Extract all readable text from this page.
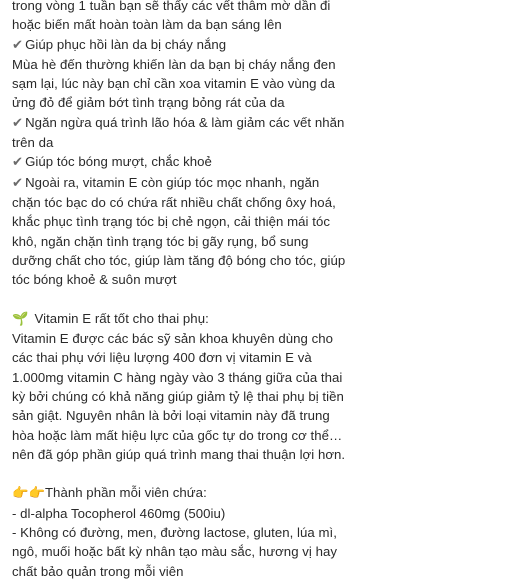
trong vòng 1 tuần bạn sẽ thấy các vết thâm mờ dần đi
hoặc biến mất hoàn toàn làm da bạn sáng lên
✔ Giúp phục hồi làn da bị cháy nắng
Mùa hè đến thường khiến làn da bạn bị cháy nắng đen
sạm lại, lúc này bạn chỉ cần xoa vitamin E vào vùng da
ửng đỏ để giảm bớt tình trạng bỏng rát của da
✔ Ngăn ngừa quá trình lão hóa & làm giảm các vết nhăn
trên da
✔ Giúp tóc bóng mượt, chắc khoẻ
✔ Ngoài ra, vitamin E còn giúp tóc mọc nhanh, ngăn
chặn tóc bạc do có chứa rất nhiều chất chống ôxy hoá,
khắc phục tình trạng tóc bị chẻ ngọn, cải thiện mái tóc
khô, ngăn chặn tình trạng tóc bị gãy rụng, bổ sung
dưỡng chất cho tóc, giúp làm tăng độ bóng cho tóc, giúp
tóc bóng khoẻ & suôn mượt
🌱 Vitamin E rất tốt cho thai phụ:
Vitamin E được các bác sỹ sản khoa khuyên dùng cho
các thai phụ với liệu lượng 400 đơn vị vitamin E và
1.000mg vitamin C hàng ngày vào 3 tháng giữa của thai
kỳ bởi chúng có khả năng giúp giảm tỷ lệ thai phụ bị tiền
sản giật. Nguyên nhân là bởi loại vitamin này đã trung
hòa hoặc làm mất hiệu lực của gốc tự do trong cơ thể…
nên đã góp phần giúp quá trình mang thai thuận lợi hơn.
👉👉Thành phần mỗi viên chứa:
- dl-alpha Tocopherol 460mg (500iu)
- Không có đường, men, đường lactose, gluten, lúa mì,
ngô, muối hoặc bất kỳ nhân tạo màu sắc, hương vị hay
chất bảo quản trong mỗi viên
